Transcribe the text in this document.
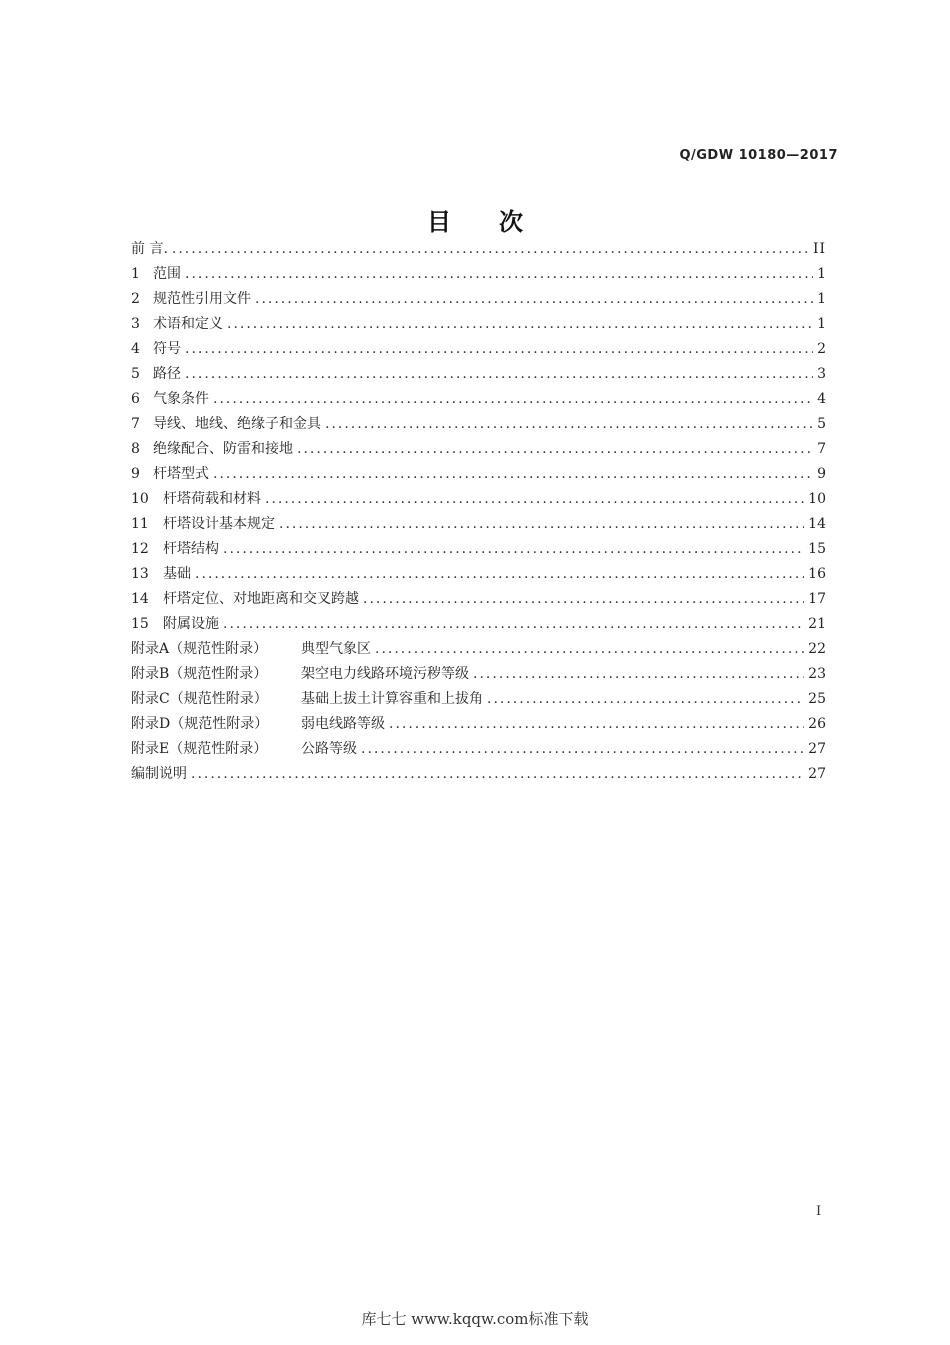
Q/GDW 10180—2017
目次
前 言. .....	II
1 范围 .....	1
2 规范性引用文件 .....	1
3 术语和定义 .....	1
4 符号 .....	2
5 路径 .....	3
6 气象条件 .....	4
7 导线、地线、绝缘子和金具 .....	5
8 绝缘配合、防雷和接地 .....	7
9 杆塔型式 .....	9
10	杆塔荷载和材料 .....	10
11	杆塔设计基本规定 .....	14
12	杆塔结构 .....	15
13	基础 .....	16
14	杆塔定位、对地距离和交叉跨越 .....	17
15	附属设施 .....	21
附录A（规范性附录）	典型气象区 .....	22
附录B（规范性附录）	架空电力线路环境污秽等级 .....	23
附录C（规范性附录）	基础上拔土计算容重和上拔角 .....	25
附录D（规范性附录）	弱电线路等级 .....	26
附录E（规范性附录）	公路等级 .....	27
编制说明 .....	27
I
库七七 www.kqqw.com标准下载
